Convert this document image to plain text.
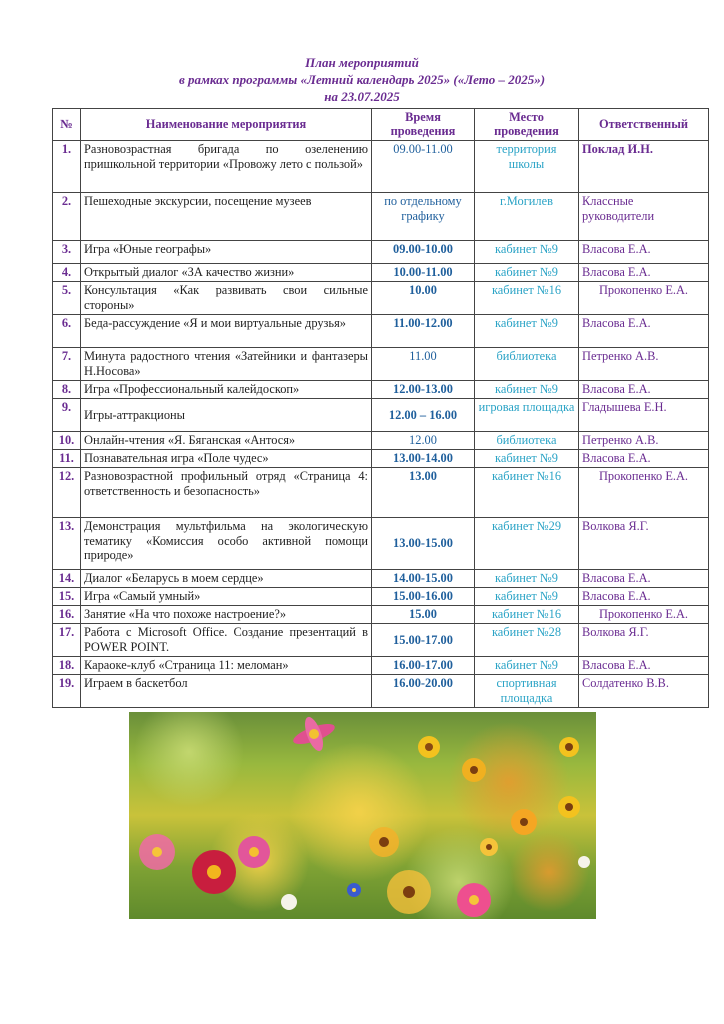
План мероприятий
в рамках программы «Летний календарь 2025» («Лето – 2025»)
на 23.07.2025
№	Наименование мероприятия	Время проведения	Место проведения	Ответственный
1.	Разновозрастная бригада по озеленению пришкольной территории «Провожу лето с пользой»	09.00-11.00	территория школы	Поклад И.Н.
2.	Пешеходные экскурсии, посещение музеев	по отдельному графику	г.Могилев	Классные руководители
3.	Игра «Юные географы»	09.00-10.00	кабинет №9	Власова Е.А.
4.	Открытый диалог «ЗА качество жизни»	10.00-11.00	кабинет №9	Власова Е.А.
5.	Консультация «Как развивать свои сильные стороны»	10.00	кабинет №16	Прокопенко Е.А.
6.	Беда-рассуждение «Я и мои виртуальные друзья»	11.00-12.00	кабинет №9	Власова Е.А.
7.	Минута радостного чтения «Затейники и фантазеры Н.Носова»	11.00	библиотека	Петренко А.В.
8.	Игра «Профессиональный калейдоскоп»	12.00-13.00	кабинет №9	Власова Е.А.
9.	Игры-аттракционы	12.00 – 16.00	игровая площадка	Гладышева Е.Н.
10.	Онлайн-чтения «Я. Бяганская «Антося»	12.00	библиотека	Петренко А.В.
11.	Познавательная игра «Поле чудес»	13.00-14.00	кабинет №9	Власова Е.А.
12.	Разновозрастной профильный отряд «Страница 4: ответственность и безопасность»	13.00	кабинет №16	Прокопенко Е.А.
13.	Демонстрация мультфильма на экологическую тематику «Комиссия особо активной помощи природе»	13.00-15.00	кабинет №29	Волкова Я.Г.
14.	Диалог «Беларусь в моем сердце»	14.00-15.00	кабинет №9	Власова Е.А.
15.	Игра «Самый умный»	15.00-16.00	кабинет №9	Власова Е.А.
16.	Занятие «На что похоже настроение?»	15.00	кабинет №16	Прокопенко Е.А.
17.	Работа с Microsoft Office. Создание презентаций в POWER POINT.	15.00-17.00	кабинет №28	Волкова Я.Г.
18.	Караоке-клуб «Страница 11: меломан»	16.00-17.00	кабинет №9	Власова Е.А.
19.	Играем в баскетбол	16.00-20.00	спортивная площадка	Солдатенко В.В.
